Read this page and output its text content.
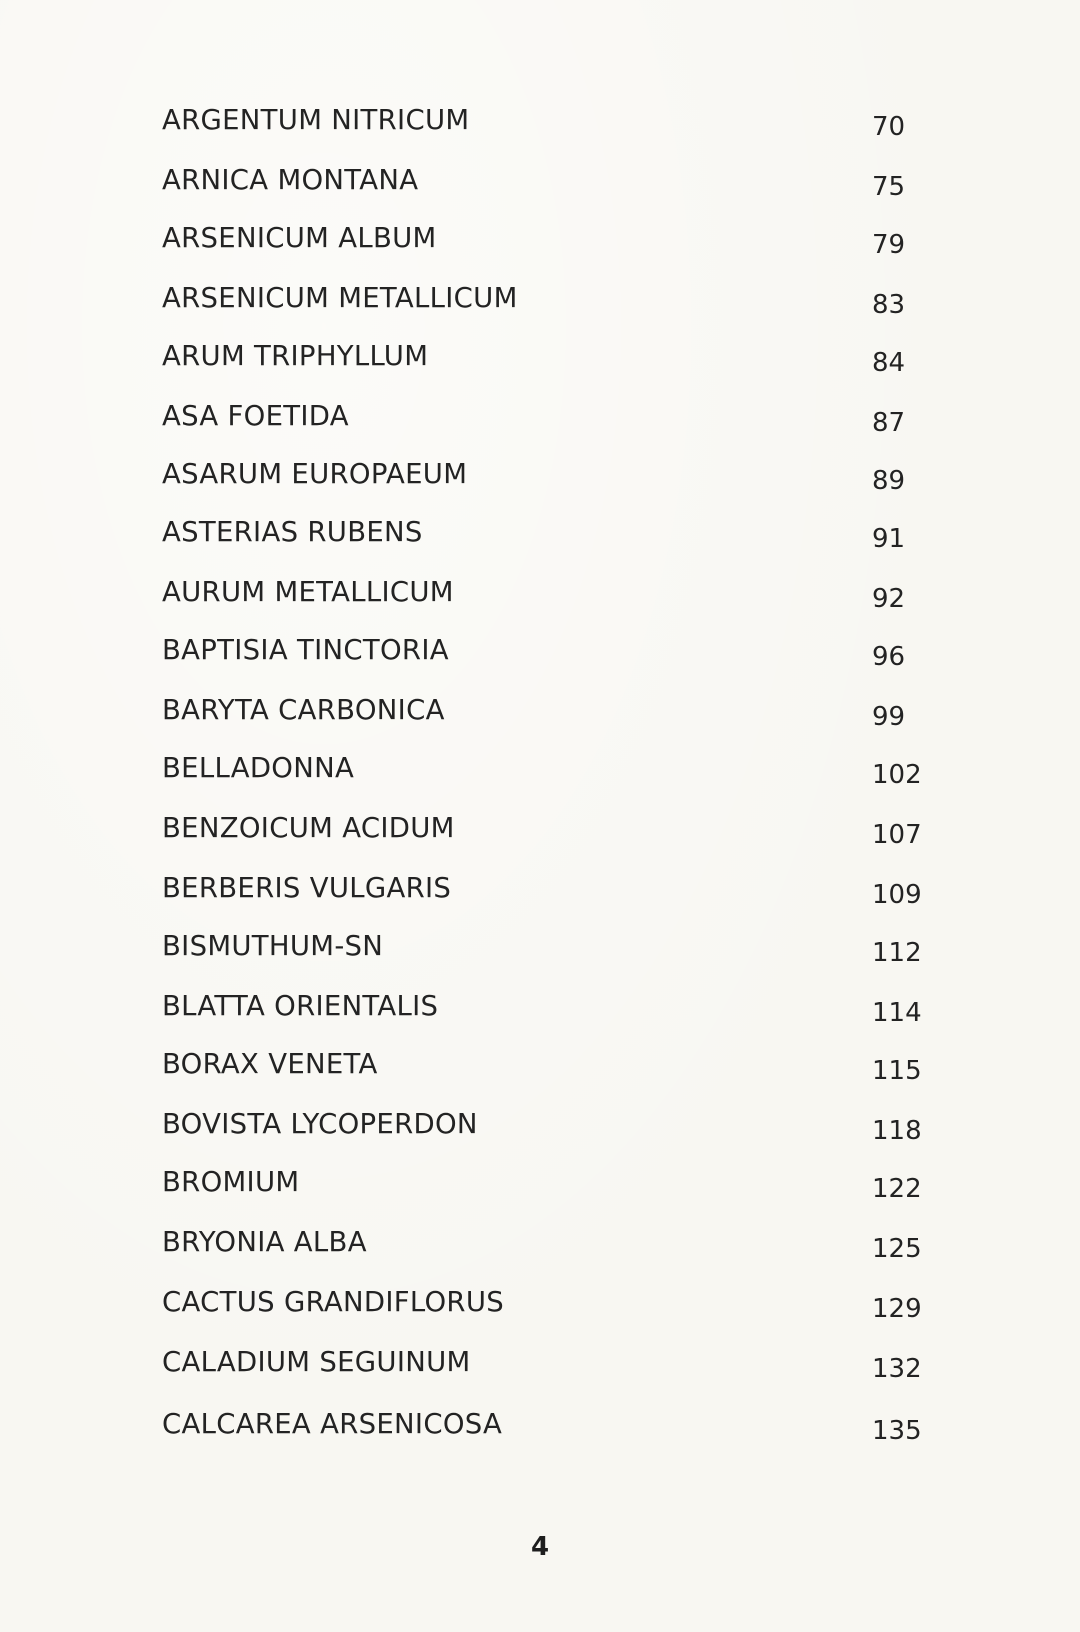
ARGENTUM NITRICUM	70
ARNICA MONTANA	75
ARSENICUM ALBUM	79
ARSENICUM METALLICUM	83
ARUM TRIPHYLLUM	84
ASA FOETIDA	87
ASARUM EUROPAEUM	89
ASTERIAS RUBENS	91
AURUM METALLICUM	92
BAPTISIA TINCTORIA	96
BARYTA CARBONICA	99
BELLADONNA	102
BENZOICUM ACIDUM	107
BERBERIS VULGARIS	109
BISMUTHUM-SN	112
BLATTA ORIENTALIS	114
BORAX VENETA	115
BOVISTA LYCOPERDON	118
BROMIUM	122
BRYONIA ALBA	125
CACTUS GRANDIFLORUS	129
CALADIUM SEGUINUM	132
CALCAREA ARSENICOSA	135
4
